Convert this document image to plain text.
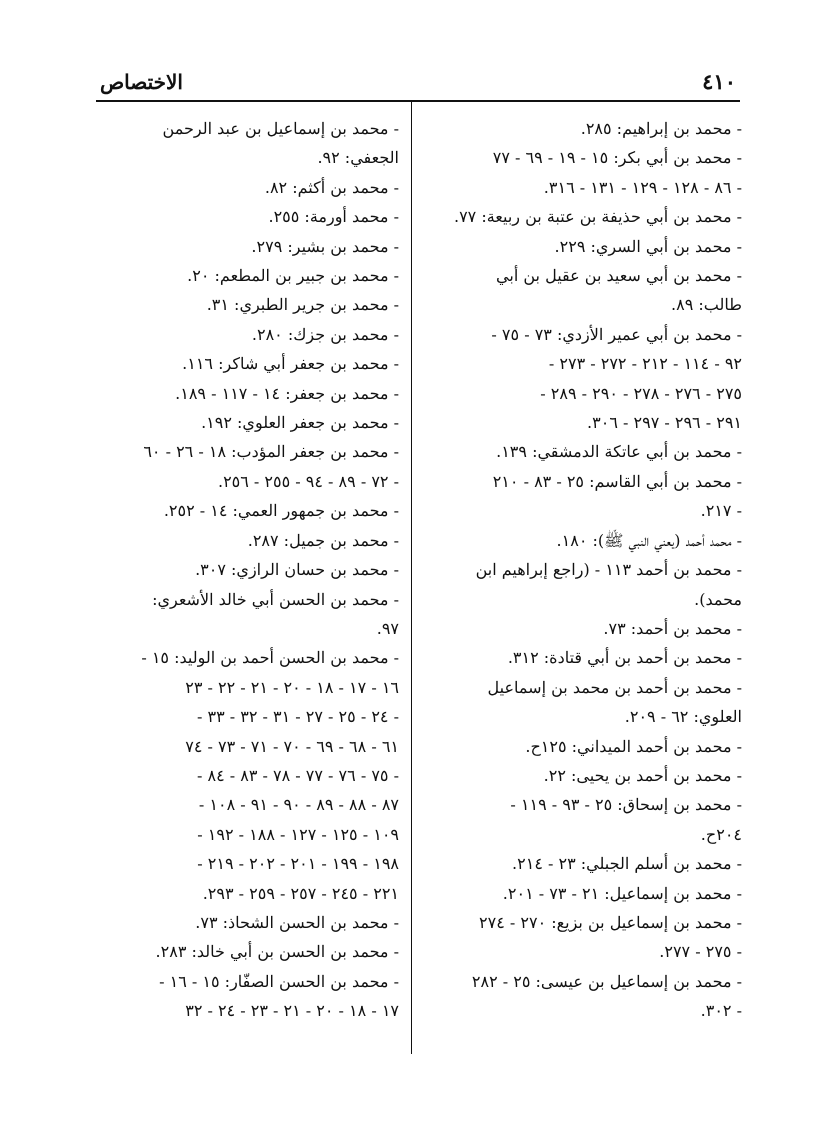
الاختصاص	٤١٠
- محمد بن إبراهيم: ٢٨٥.
- محمد بن أبي بكر: ١٥ - ١٩ - ٦٩ - ٧٧
- ٨٦ - ١٢٨ - ١٢٩ - ١٣١ - ٣١٦.
- محمد بن أبي حذيفة بن عتبة بن ربيعة: ٧٧.
- محمد بن أبي السري: ٢٢٩.
- محمد بن أبي سعيد بن عقيل بن أبي
طالب: ٨٩.
- محمد بن أبي عمير الأزدي: ٧٣ - ٧٥ -
٩٢ - ١١٤ - ٢١٢ - ٢٧٢ - ٢٧٣ -
٢٧٥ - ٢٧٦ - ٢٧٨ - ٢٩٠ - ٢٨٩ -
٢٩١ - ٢٩٦ - ٢٩٧ - ٣٠٦.
- محمد بن أبي عاتكة الدمشقي: ١٣٩.
- محمد بن أبي القاسم: ٢٥ - ٨٣ - ٢١٠
- ٢١٧.
- محمد أحمد (يعني النبي ﷺ): ١٨٠.
- محمد بن أحمد ١١٣ - (راجع إبراهيم ابن
محمد).
- محمد بن أحمد: ٧٣.
- محمد بن أحمد بن أبي قتادة: ٣١٢.
- محمد بن أحمد بن محمد بن إسماعيل
العلوي: ٦٢ - ٢٠٩.
- محمد بن أحمد الميداني: ١٢٥ح.
- محمد بن أحمد بن يحيى: ٢٢.
- محمد بن إسحاق: ٢٥ - ٩٣ - ١١٩ -
٢٠٤ح.
- محمد بن أسلم الجبلي: ٢٣ - ٢١٤.
- محمد بن إسماعيل: ٢١ - ٧٣ - ٢٠١.
- محمد بن إسماعيل بن بزيع: ٢٧٠ - ٢٧٤
- ٢٧٥ - ٢٧٧.
- محمد بن إسماعيل بن عيسى: ٢٥ - ٢٨٢
- ٣٠٢.
- محمد بن إسماعيل بن عبد الرحمن
الجعفي: ٩٢.
- محمد بن أكثم: ٨٢.
- محمد أورمة: ٢٥٥.
- محمد بن بشير: ٢٧٩.
- محمد بن جبير بن المطعم: ٢٠.
- محمد بن جرير الطبري: ٣١.
- محمد بن جزك: ٢٨٠.
- محمد بن جعفر أبي شاكر: ١١٦.
- محمد بن جعفر: ١٤ - ١١٧ - ١٨٩.
- محمد بن جعفر العلوي: ١٩٢.
- محمد بن جعفر المؤدب: ١٨ - ٢٦ - ٦٠
- ٧٢ - ٨٩ - ٩٤ - ٢٥٥ - ٢٥٦.
- محمد بن جمهور العمي: ١٤ - ٢٥٢.
- محمد بن جميل: ٢٨٧.
- محمد بن حسان الرازي: ٣٠٧.
- محمد بن الحسن أبي خالد الأشعري:
٩٧.
- محمد بن الحسن أحمد بن الوليد: ١٥ -
١٦ - ١٧ - ١٨ - ٢٠ - ٢١ - ٢٢ - ٢٣
- ٢٤ - ٢٥ - ٢٧ - ٣١ - ٣٢ - ٣٣ -
٦١ - ٦٨ - ٦٩ - ٧٠ - ٧١ - ٧٣ - ٧٤
- ٧٥ - ٧٦ - ٧٧ - ٧٨ - ٨٣ - ٨٤ -
٨٧ - ٨٨ - ٨٩ - ٩٠ - ٩١ - ١٠٨ -
١٠٩ - ١٢٥ - ١٢٧ - ١٨٨ - ١٩٢ -
١٩٨ - ١٩٩ - ٢٠١ - ٢٠٢ - ٢١٩ -
٢٢١ - ٢٤٥ - ٢٥٧ - ٢٥٩ - ٢٩٣.
- محمد بن الحسن الشحاذ: ٧٣.
- محمد بن الحسن بن أبي خالد: ٢٨٣.
- محمد بن الحسن الصفّار: ١٥ - ١٦ -
١٧ - ١٨ - ٢٠ - ٢١ - ٢٣ - ٢٤ - ٣٢
